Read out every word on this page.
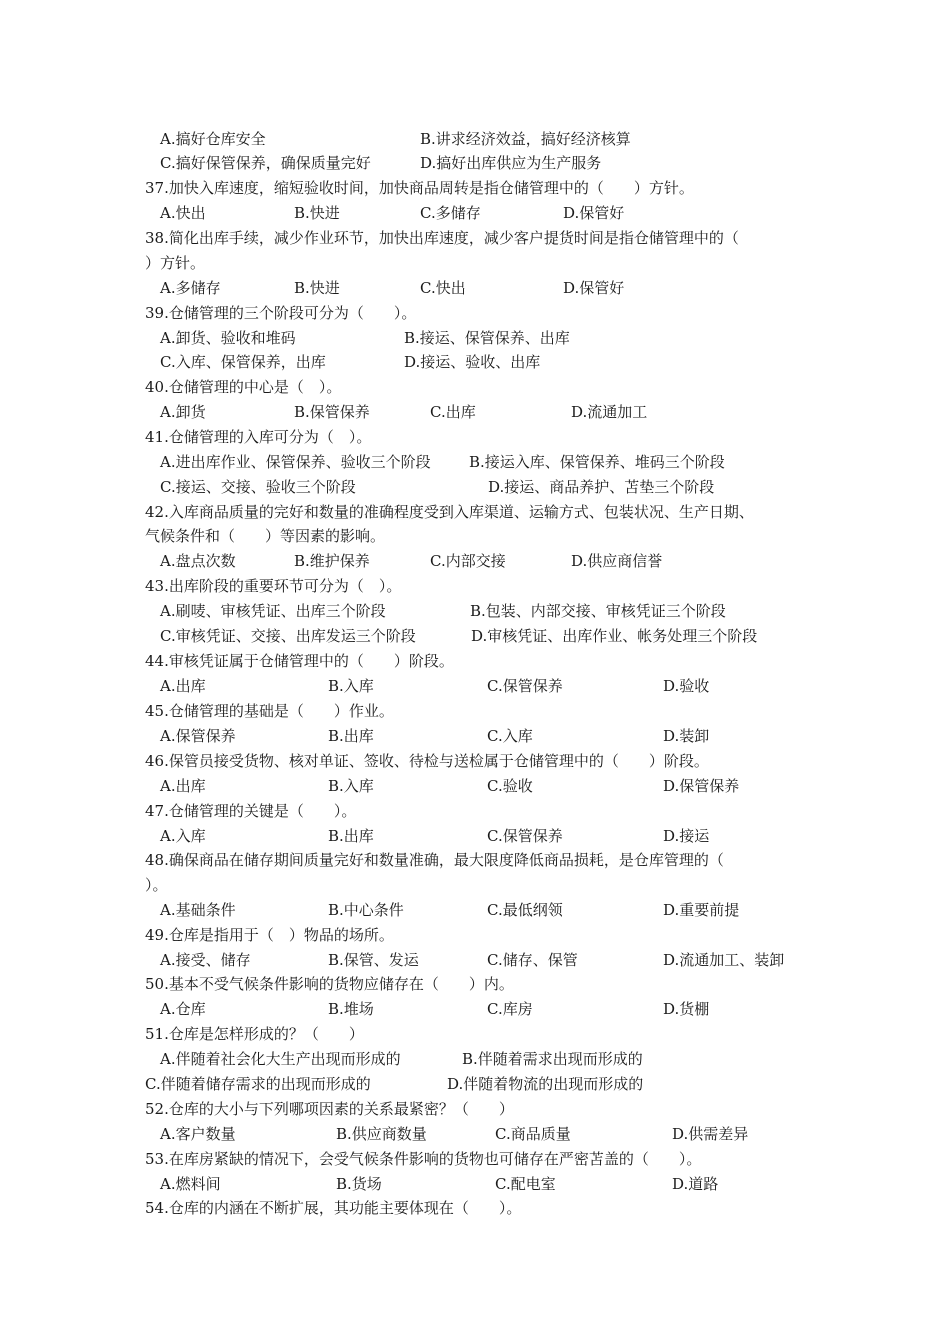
A.搞好仓库安全	B.讲求经济效益，搞好经济核算
C.搞好保管保养，确保质量完好	D.搞好出库供应为生产服务
37.加快入库速度，缩短验收时间，加快商品周转是指仓储管理中的（　　）方针。
A.快出	B.快进	C.多储存	D.保管好
38.简化出库手续，减少作业环节，加快出库速度，减少客户提货时间是指仓储管理中的（
）方针。
A.多储存	B.快进	C.快出	D.保管好
39.仓储管理的三个阶段可分为（　　）。
A.卸货、验收和堆码	B.接运、保管保养、出库
C.入库、保管保养，出库	D.接运、验收、出库
40.仓储管理的中心是（　）。
A.卸货	B.保管保养	C.出库	D.流通加工
41.仓储管理的入库可分为（　）。
A.进出库作业、保管保养、验收三个阶段	B.接运入库、保管保养、堆码三个阶段
C.接运、交接、验收三个阶段	D.接运、商品养护、苫垫三个阶段
42.入库商品质量的完好和数量的准确程度受到入库渠道、运输方式、包装状况、生产日期、
气候条件和（　　）等因素的影响。
A.盘点次数	B.维护保养	C.内部交接	D.供应商信誉
43.出库阶段的重要环节可分为（　）。
A.刷唛、审核凭证、出库三个阶段	B.包装、内部交接、审核凭证三个阶段
C.审核凭证、交接、出库发运三个阶段	D.审核凭证、出库作业、帐务处理三个阶段
44.审核凭证属于仓储管理中的（　　）阶段。
A.出库	B.入库	C.保管保养	D.验收
45.仓储管理的基础是（　　）作业。
A.保管保养	B.出库	C.入库	D.装卸
46.保管员接受货物、核对单证、签收、待检与送检属于仓储管理中的（　　）阶段。
A.出库	B.入库	C.验收	D.保管保养
47.仓储管理的关键是（　　）。
A.入库	B.出库	C.保管保养	D.接运
48.确保商品在储存期间质量完好和数量准确，最大限度降低商品损耗，是仓库管理的（
）。
A.基础条件	B.中心条件	C.最低纲领	D.重要前提
49.仓库是指用于（　）物品的场所。
A.接受、储存	B.保管、发运	C.储存、保管	D.流通加工、装卸
50.基本不受气候条件影响的货物应储存在（　　）内。
A.仓库	B.堆场	C.库房	D.货棚
51.仓库是怎样形成的？（　　）
A.伴随着社会化大生产出现而形成的	B.伴随着需求出现而形成的
C.伴随着储存需求的出现而形成的	D.伴随着物流的出现而形成的
52.仓库的大小与下列哪项因素的关系最紧密？（　　）
A.客户数量	B.供应商数量	C.商品质量	D.供需差异
53.在库房紧缺的情况下，会受气候条件影响的货物也可储存在严密苫盖的（　　）。
A.燃料间	B.货场	C.配电室	D.道路
54.仓库的内涵在不断扩展，其功能主要体现在（　　）。
